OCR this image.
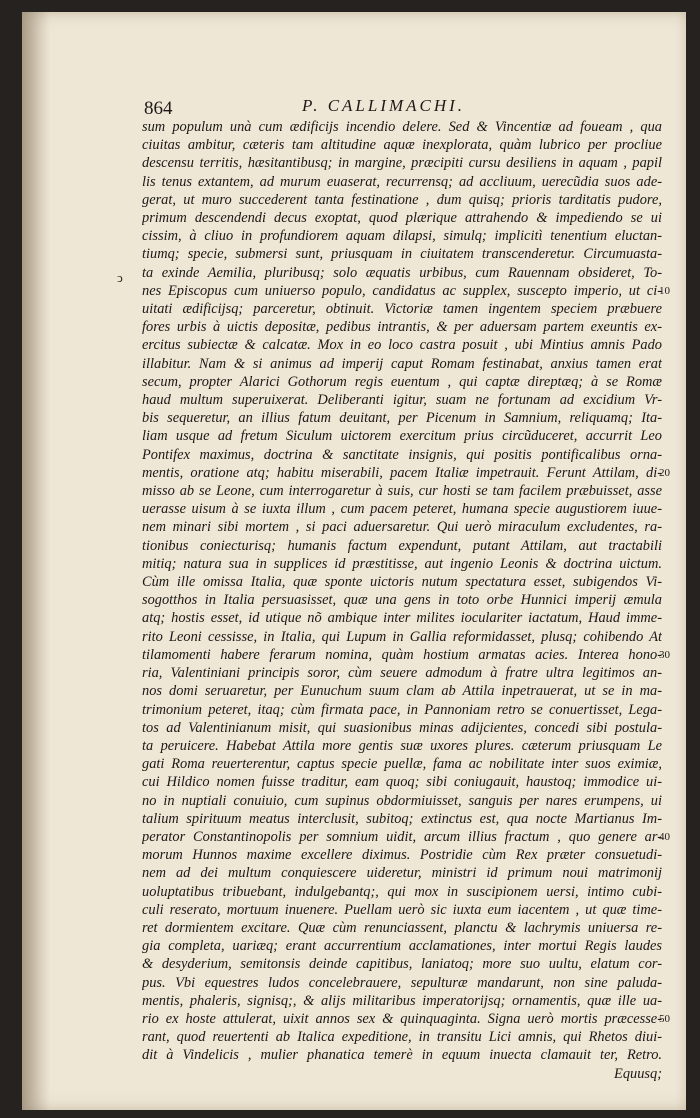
864	P. CALLIMACHI.
ↄ
sum populum unà cum ædificijs incendio delere. Sed & Vincentiæ ad foueam , qua
ciuitas ambitur, cæteris tam altitudine aquæ inexplorata, quàm lubrico per procliue
descensu territis, hæsitantibusq; in margine, præcipiti cursu desiliens in aquam , papil
lis tenus extantem, ad murum euaserat, recurrensq; ad accliuum, uerecũdia suos ade-
gerat, ut muro succederent tanta festinatione , dum quisq; prioris tarditatis pudore,
primum descendendi decus exoptat, quod plærique attrahendo & impediendo se ui
cissim, à cliuo in profundiorem aquam dilapsi, simulq; implicitì tenentium eluctan-
tiumq; specie, submersi sunt, priusquam in ciuitatem transcenderetur. Circumuasta-
ta exinde Aemilia, pluribusq; solo æquatis urbibus, cum Rauennam obsideret, To-
nes Episcopus cum uniuerso populo, candidatus ac supplex, suscepto imperio, ut ci-
uitati ædificijsq; parceretur, obtinuit. Victoriæ tamen ingentem speciem præbuere
fores urbis à uictis depositæ, pedibus intrantis, & per aduersam partem exeuntis ex-
ercitus subiectæ & calcatæ. Mox in eo loco castra posuit , ubi Mintius amnis Pado
illabitur. Nam & si animus ad imperij caput Romam festinabat, anxius tamen erat
secum, propter Alarici Gothorum regis euentum , qui captæ direptæq; à se Romæ
haud multum superuixerat. Deliberanti igitur, suam ne fortunam ad excidium Vr-
bis sequeretur, an illius fatum deuitant, per Picenum in Samnium, reliquamq; Ita-
liam usque ad fretum Siculum uictorem exercitum prius circũduceret, accurrit Leo
Pontifex maximus, doctrina & sanctitate insignis, qui positis pontificalibus orna-
mentis, oratione atq; habitu miserabili, pacem Italiæ impetrauit. Ferunt Attilam, di-
misso ab se Leone, cum interrogaretur à suis, cur hosti se tam facilem præbuisset, asse
uerasse uisum à se iuxta illum , cum pacem peteret, humana specie augustiorem iuue-
nem minari sibi mortem , si paci aduersaretur. Qui uerò miraculum excludentes, ra-
tionibus coniecturisq; humanis factum expendunt, putant Attilam, aut tractabili
mitiq; natura sua in supplices id præstitisse, aut ingenio Leonis & doctrina uictum.
Cùm ille omissa Italia, quæ sponte uictoris nutum spectatura esset, subigendos Vi-
sogotthos in Italia persuasisset, quæ una gens in toto orbe Hunnici imperij æmula
atq; hostis esset, id utique nõ ambique inter milites ioculariter iactatum, Haud imme-
rito Leoni cessisse, in Italia, qui Lupum in Gallia reformidasset, plusq; cohibendo At
tilamomenti habere ferarum nomina, quàm hostium armatas acies. Interea hono-
ria, Valentiniani principis soror, cùm seuere admodum à fratre ultra legitimos an-
nos domi seruaretur, per Eunuchum suum clam ab Attila inpetrauerat, ut se in ma-
trimonium peteret, itaq; cùm firmata pace, in Pannoniam retro se conuertisset, Lega-
tos ad Valentinianum misit, qui suasionibus minas adijcientes, concedi sibi postula-
ta peruicere. Habebat Attila more gentis suæ uxores plures. cæterum priusquam Le
gati Roma reuerterentur, captus specie puellæ, fama ac nobilitate inter suos eximiæ,
cui Hildico nomen fuisse traditur, eam quoq; sibi coniugauit, haustoq; immodice ui-
no in nuptiali conuiuio, cum supinus obdormiuisset, sanguis per nares erumpens, ui
talium spirituum meatus interclusit, subitoq; extinctus est, qua nocte Martianus Im-
perator Constantinopolis per somnium uidit, arcum illius fractum , quo genere ar-
morum Hunnos maxime excellere diximus. Postridie cùm Rex præter consuetudi-
nem ad dei multum conquiescere uideretur, ministri id primum noui matrimonij
uoluptatibus tribuebant, indulgebantq;, qui mox in suscipionem uersi, intimo cubi-
culi reserato, mortuum inuenere. Puellam uerò sic iuxta eum iacentem , ut quæ time-
ret dormientem excitare. Quæ cùm renunciassent, planctu & lachrymis uniuersa re-
gia completa, uariæq; erant accurrentium acclamationes, inter mortui Regis laudes
& desyderium, semitonsis deinde capitibus, laniatoq; more suo uultu, elatum cor-
pus. Vbi equestres ludos concelebrauere, sepulturæ mandarunt, non sine paluda-
mentis, phaleris, signisq;, & alijs militaribus imperatorijsq; ornamentis, quæ ille ua-
rio ex hoste attulerat, uixit annos sex & quinquaginta. Signa uerò mortis præcesse-
rant, quod reuertenti ab Italica expeditione, in transitu Lici amnis, qui Rhetos diui-
dit à Vindelicis , mulier phanatica temerè in equum inuecta clamauit ter, Retro.
Equusq;
10
20
30
40
50
